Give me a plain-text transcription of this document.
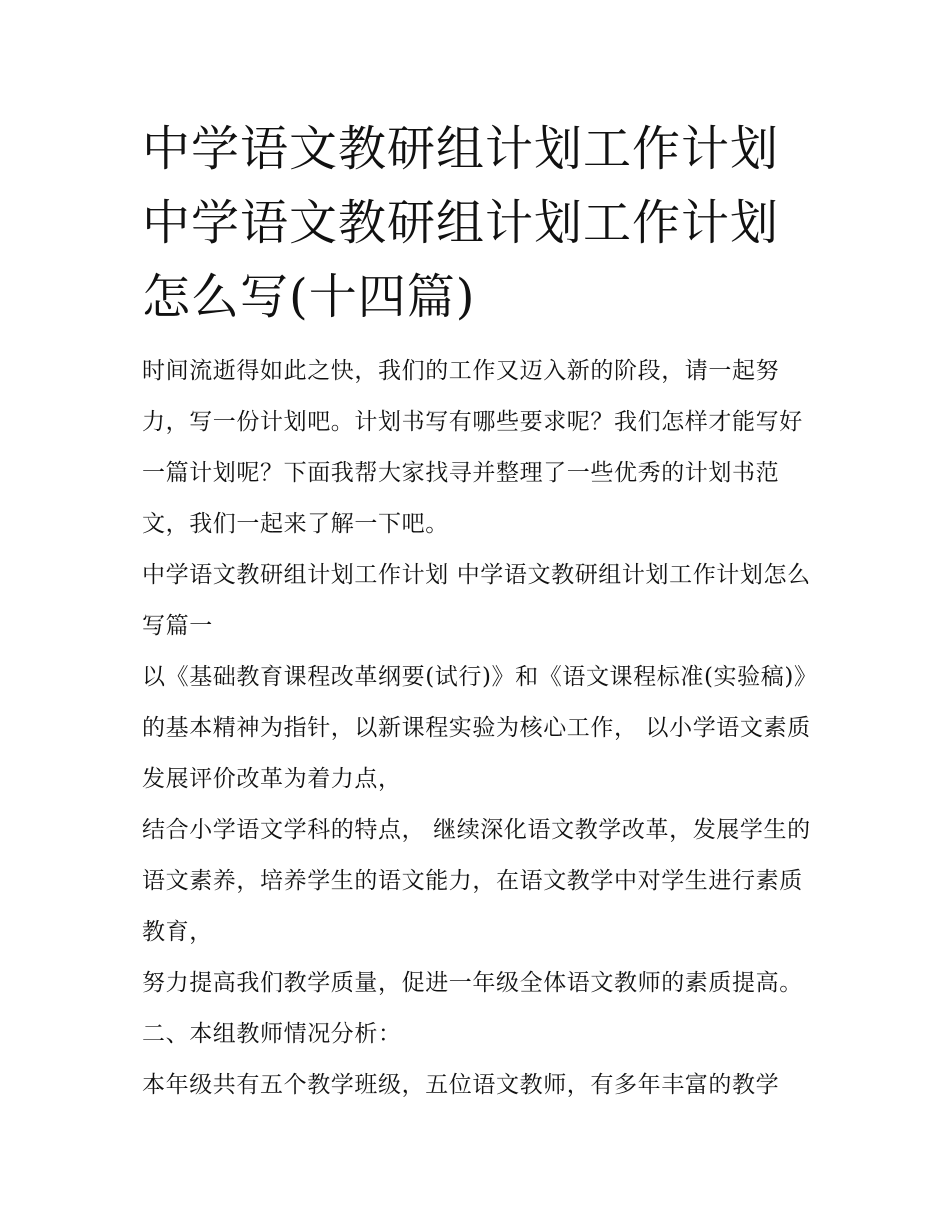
中学语文教研组计划工作计划 中学语文教研组计划工作计划怎么写(十四篇)

时间流逝得如此之快，我们的工作又迈入新的阶段，请一起努力，写一份计划吧。计划书写有哪些要求呢？我们怎样才能写好一篇计划呢？下面我帮大家找寻并整理了一些优秀的计划书范文，我们一起来了解一下吧。

中学语文教研组计划工作计划 中学语文教研组计划工作计划怎么写篇一

以《基础教育课程改革纲要(试行)》和《语文课程标准(实验稿)》的基本精神为指针，以新课程实验为核心工作， 以小学语文素质发展评价改革为着力点，

结合小学语文学科的特点， 继续深化语文教学改革，发展学生的语文素养，培养学生的语文能力，在语文教学中对学生进行素质教育，

努力提高我们教学质量，促进一年级全体语文教师的素质提高。 二、本组教师情况分析：

本年级共有五个教学班级，五位语文教师，有多年丰富的教学
